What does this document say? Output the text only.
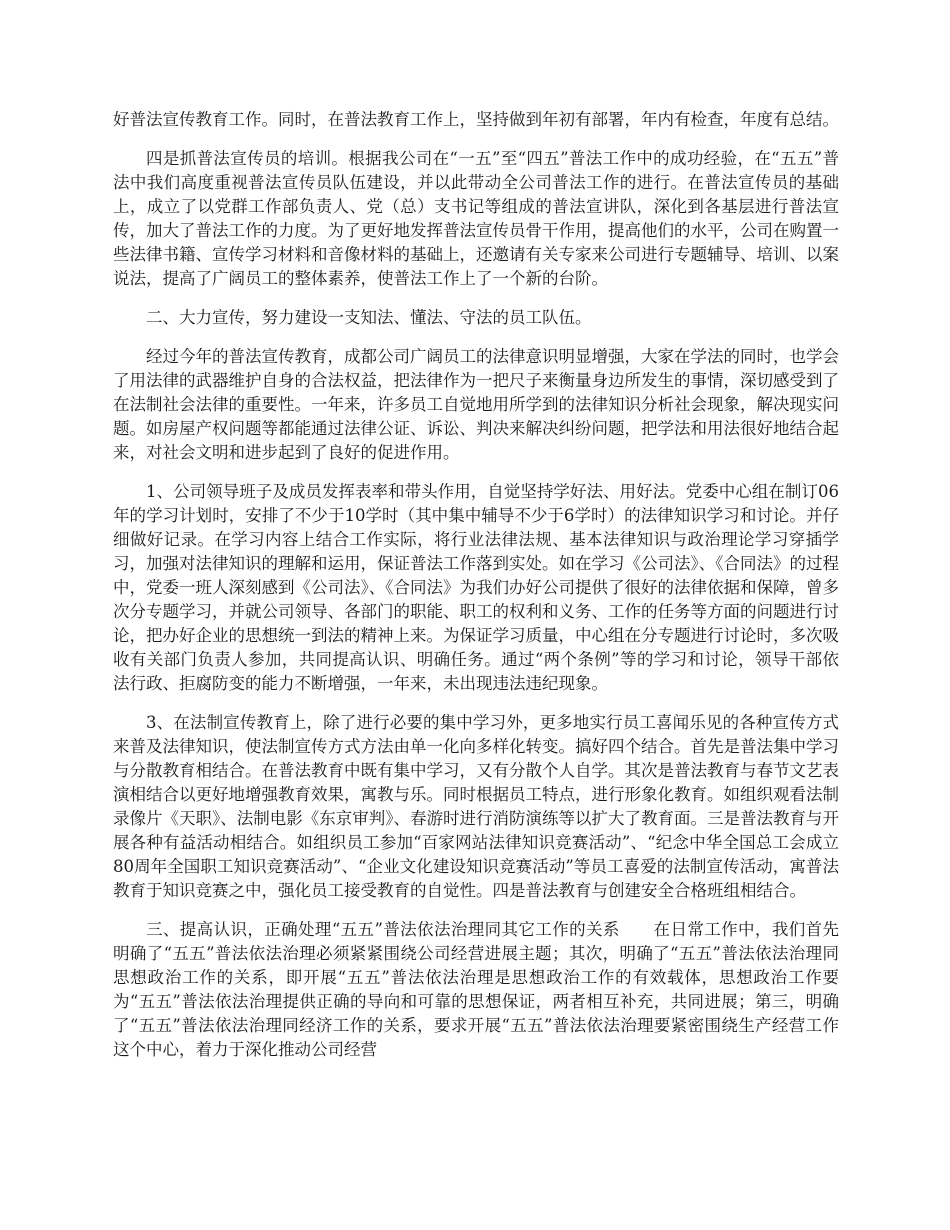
好普法宣传教育工作。同时，在普法教育工作上，坚持做到年初有部署，年内有检查，年度有总结。

四是抓普法宣传员的培训。根据我公司在“一五”至“四五”普法工作中的成功经验，在“五五”普法中我们高度重视普法宣传员队伍建设，并以此带动全公司普法工作的进行。在普法宣传员的基础上，成立了以党群工作部负责人、党（总）支书记等组成的普法宣讲队，深化到各基层进行普法宣传，加大了普法工作的力度。为了更好地发挥普法宣传员骨干作用，提高他们的水平，公司在购置一些法律书籍、宣传学习材料和音像材料的基础上，还邀请有关专家来公司进行专题辅导、培训、以案说法，提高了广阔员工的整体素养，使普法工作上了一个新的台阶。

二、大力宣传，努力建设一支知法、懂法、守法的员工队伍。

经过今年的普法宣传教育，成都公司广阔员工的法律意识明显增强，大家在学法的同时，也学会了用法律的武器维护自身的合法权益，把法律作为一把尺子来衡量身边所发生的事情，深切感受到了在法制社会法律的重要性。一年来，许多员工自觉地用所学到的法律知识分析社会现象，解决现实问题。如房屋产权问题等都能通过法律公证、诉讼、判决来解决纠纷问题，把学法和用法很好地结合起来，对社会文明和进步起到了良好的促进作用。

1、公司领导班子及成员发挥表率和带头作用，自觉坚持学好法、用好法。党委中心组在制订06年的学习计划时，安排了不少于10学时（其中集中辅导不少于6学时）的法律知识学习和讨论。并仔细做好记录。在学习内容上结合工作实际，将行业法律法规、基本法律知识与政治理论学习穿插学习，加强对法律知识的理解和运用，保证普法工作落到实处。如在学习《公司法》、《合同法》的过程中，党委一班人深刻感到《公司法》、《合同法》为我们办好公司提供了很好的法律依据和保障，曾多次分专题学习，并就公司领导、各部门的职能、职工的权利和义务、工作的任务等方面的问题进行讨论，把办好企业的思想统一到法的精神上来。为保证学习质量，中心组在分专题进行讨论时，多次吸收有关部门负责人参加，共同提高认识、明确任务。通过“两个条例”等的学习和讨论，领导干部依法行政、拒腐防变的能力不断增强，一年来，未出现违法违纪现象。

3、在法制宣传教育上，除了进行必要的集中学习外，更多地实行员工喜闻乐见的各种宣传方式来普及法律知识，使法制宣传方式方法由单一化向多样化转变。搞好四个结合。首先是普法集中学习与分散教育相结合。在普法教育中既有集中学习，又有分散个人自学。其次是普法教育与春节文艺表演相结合以更好地增强教育效果，寓教与乐。同时根据员工特点，进行形象化教育。如组织观看法制录像片《天职》、法制电影《东京审判》、春游时进行消防演练等以扩大了教育面。三是普法教育与开展各种有益活动相结合。如组织员工参加“百家网站法律知识竞赛活动”、“纪念中华全国总工会成立80周年全国职工知识竞赛活动”、“企业文化建设知识竞赛活动”等员工喜爱的法制宣传活动，寓普法教育于知识竞赛之中，强化员工接受教育的自觉性。四是普法教育与创建安全合格班组相结合。

三、提高认识，正确处理“五五”普法依法治理同其它工作的关系　　在日常工作中，我们首先明确了“五五”普法依法治理必须紧紧围绕公司经营进展主题；其次，明确了“五五”普法依法治理同思想政治工作的关系，即开展“五五”普法依法治理是思想政治工作的有效载体，思想政治工作要为“五五”普法依法治理提供正确的导向和可靠的思想保证，两者相互补充，共同进展；第三，明确了“五五”普法依法治理同经济工作的关系，要求开展“五五”普法依法治理要紧密围绕生产经营工作这个中心，着力于深化推动公司经营
